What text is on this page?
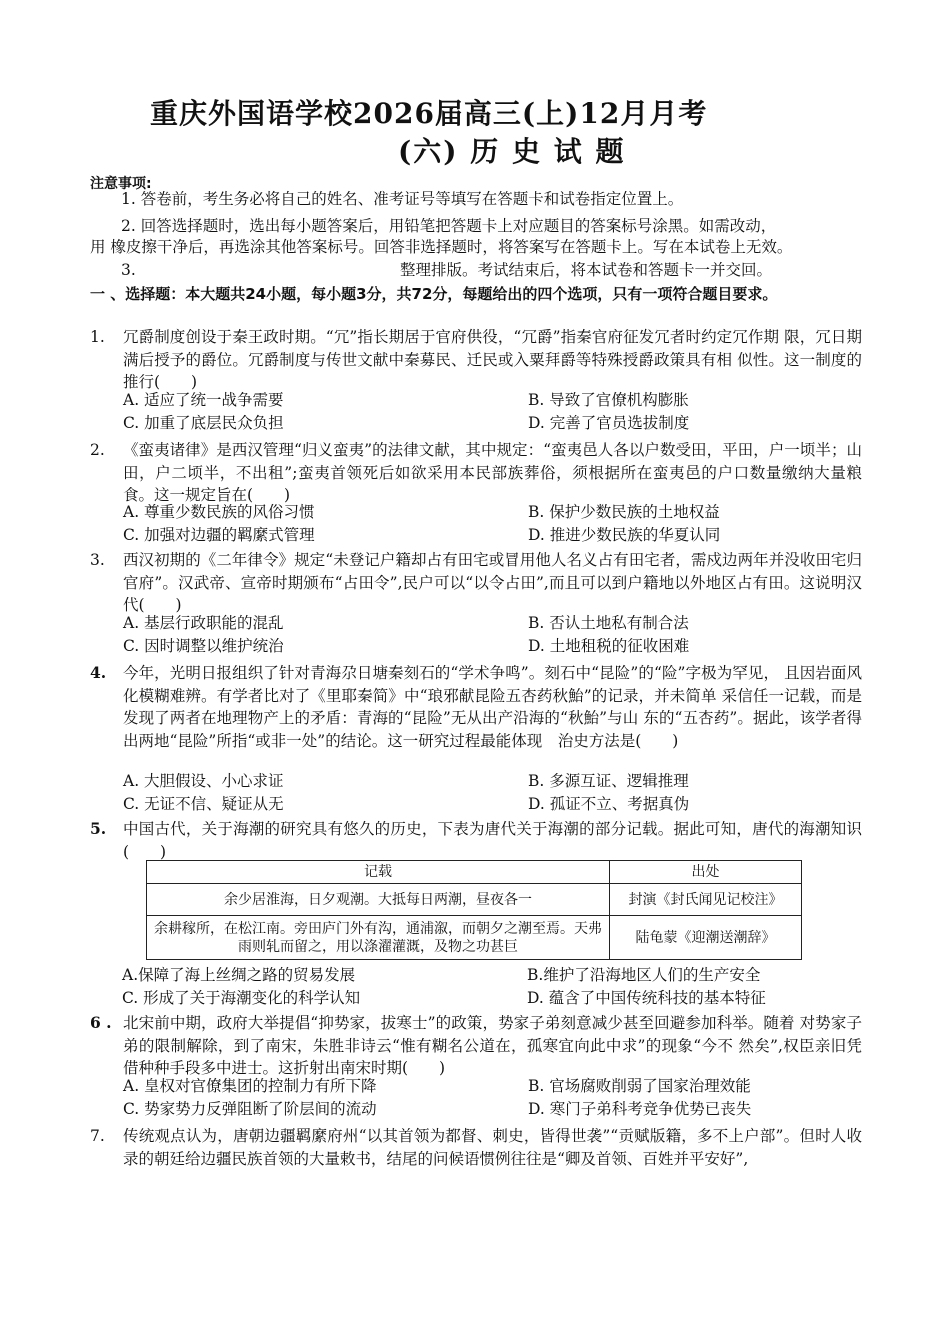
重庆外国语学校2026届高三(上)12月月考
(六) 历 史 试 题
注意事项:
1. 答卷前，考生务必将自己的姓名、准考证号等填写在答题卡和试卷指定位置上。
2. 回答选择题时，选出每小题答案后，用铅笔把答题卡上对应题目的答案标号涂黑。如需改动，
用 橡皮擦干净后，再选涂其他答案标号。回答非选择题时，将答案写在答题卡上。写在本试卷上无效。
3.	整理排版。考试结束后，将本试卷和答题卡一并交回。
一 、选择题：本大题共24小题，每小题3分，共72分，每题给出的四个选项，只有一项符合题目要求。
1.	冗爵制度创设于秦王政时期。“冗”指长期居于官府供役，“冗爵”指秦官府征发冗者时约定冗作期 限，冗日期满后授予的爵位。冗爵制度与传世文献中秦募民、迁民或入粟拜爵等特殊授爵政策具有相 似性。这一制度的推行(　　)
A. 适应了统一战争需要	B. 导致了官僚机构膨胀
C. 加重了底层民众负担	D. 完善了官员选拔制度
2.	《蛮夷诸律》是西汉管理“归义蛮夷”的法律文献，其中规定：“蛮夷邑人各以户数受田，平田，户一顷半；山田，户二顷半，不出租”;蛮夷首领死后如欲采用本民部族葬俗，须根据所在蛮夷邑的户口数量缴纳大量粮食。这一规定旨在(　　)
A. 尊重少数民族的风俗习惯	B. 保护少数民族的土地权益
C. 加强对边疆的羁縻式管理	D. 推进少数民族的华夏认同
3.	西汉初期的《二年律令》规定“未登记户籍却占有田宅或冒用他人名义占有田宅者，需戍边两年并没收田宅归官府”。汉武帝、宣帝时期颁布“占田令”,民户可以“以令占田”,而且可以到户籍地以外地区占有田。这说明汉代(　　)
A. 基层行政职能的混乱	B. 否认土地私有制合法
C. 因时调整以维护统治	D. 土地租税的征收困难
4.	今年，光明日报组织了针对青海尕日塘秦刻石的“学术争鸣”。刻石中“昆险”的“险”字极为罕见， 且因岩面风化模糊难辨。有学者比对了《里耶秦简》中“琅邪献昆险五杏药秋鮐”的记录，并未简单 采信任一记载，而是发现了两者在地理物产上的矛盾：青海的“昆险”无从出产沿海的“秋鮐”与山 东的“五杏药”。据此，该学者得出两地“昆险”所指“或非一处”的结论。这一研究过程最能体现　治史方法是(　　)
A. 大胆假设、小心求证	B. 多源互证、逻辑推理
C. 无证不信、疑证从无	D. 孤证不立、考据真伪
5.	中国古代，关于海潮的研究具有悠久的历史，下表为唐代关于海潮的部分记载。据此可知，唐代的海潮知识(　　)
记载	出处
余少居淮海，日夕观潮。大抵每日两潮，昼夜各一	封演《封氏闻见记校注》
余耕稼所，在松江南。旁田庐门外有沟，通浦溆，而朝夕之潮至焉。天弗雨则轧而留之，用以涤濯灌溉，及物之功甚巨	陆龟蒙《迎潮送潮辞》
A.保障了海上丝绸之路的贸易发展	B.维护了沿海地区人们的生产安全
C. 形成了关于海潮变化的科学认知	D. 蕴含了中国传统科技的基本特征
6 . 北宋前中期，政府大举提倡“抑势家，拔寒士”的政策，势家子弟刻意减少甚至回避参加科举。随着 对势家子弟的限制解除，到了南宋，朱胜非诗云“惟有糊名公道在，孤寒宜向此中求”的现象“今不 然矣”,权臣亲旧凭借种种手段多中进士。这折射出南宋时期(　　)
A. 皇权对官僚集团的控制力有所下降	B. 官场腐败削弱了国家治理效能
C. 势家势力反弹阻断了阶层间的流动	D. 寒门子弟科考竞争优势已丧失
7.	传统观点认为，唐朝边疆羁縻府州“以其首领为都督、刺史，皆得世袭”“贡赋版籍，多不上户部”。但时人收录的朝廷给边疆民族首领的大量敕书，结尾的问候语惯例往往是“卿及首领、百姓并平安好”,
